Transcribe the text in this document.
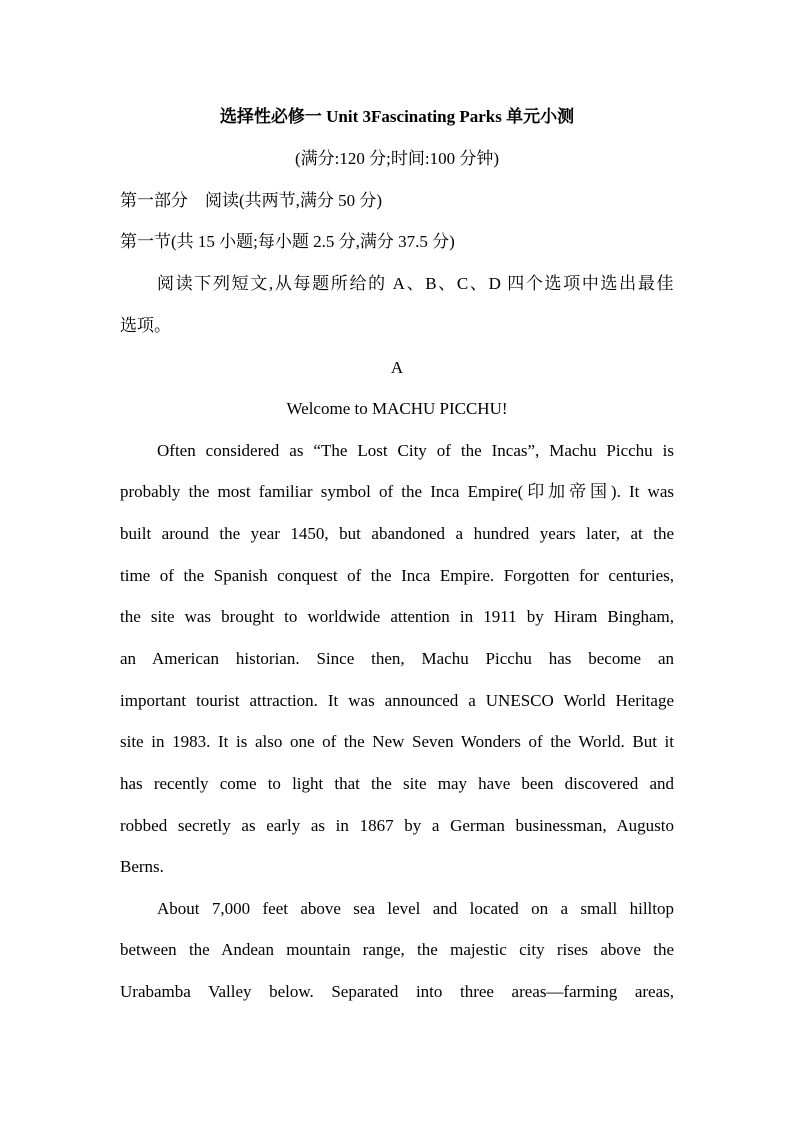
选择性必修一 Unit 3Fascinating Parks 单元小测
(满分:120 分;时间:100 分钟)
第一部分　阅读(共两节,满分 50 分)
第一节(共 15 小题;每小题 2.5 分,满分 37.5 分)
阅读下列短文,从每题所给的 A、B、C、D 四个选项中选出最佳
选项。
A
Welcome to MACHU PICCHU!
Often considered as “The Lost City of the Incas”, Machu Picchu is
probably the most familiar symbol of the Inca Empire(印加帝国). It was
built around the year 1450, but abandoned a hundred years later, at the
time of the Spanish conquest of the Inca Empire. Forgotten for centuries,
the site was brought to worldwide attention in 1911 by Hiram Bingham,
an American historian. Since then, Machu Picchu has become an
important tourist attraction. It was announced a UNESCO World Heritage
site in 1983. It is also one of the New Seven Wonders of the World. But it
has recently come to light that the site may have been discovered and
robbed secretly as early as in 1867 by a German businessman, Augusto
Berns.
About 7,000 feet above sea level and located on a small hilltop
between the Andean mountain range, the majestic city rises above the
Urabamba Valley below. Separated into three areas—farming areas,
